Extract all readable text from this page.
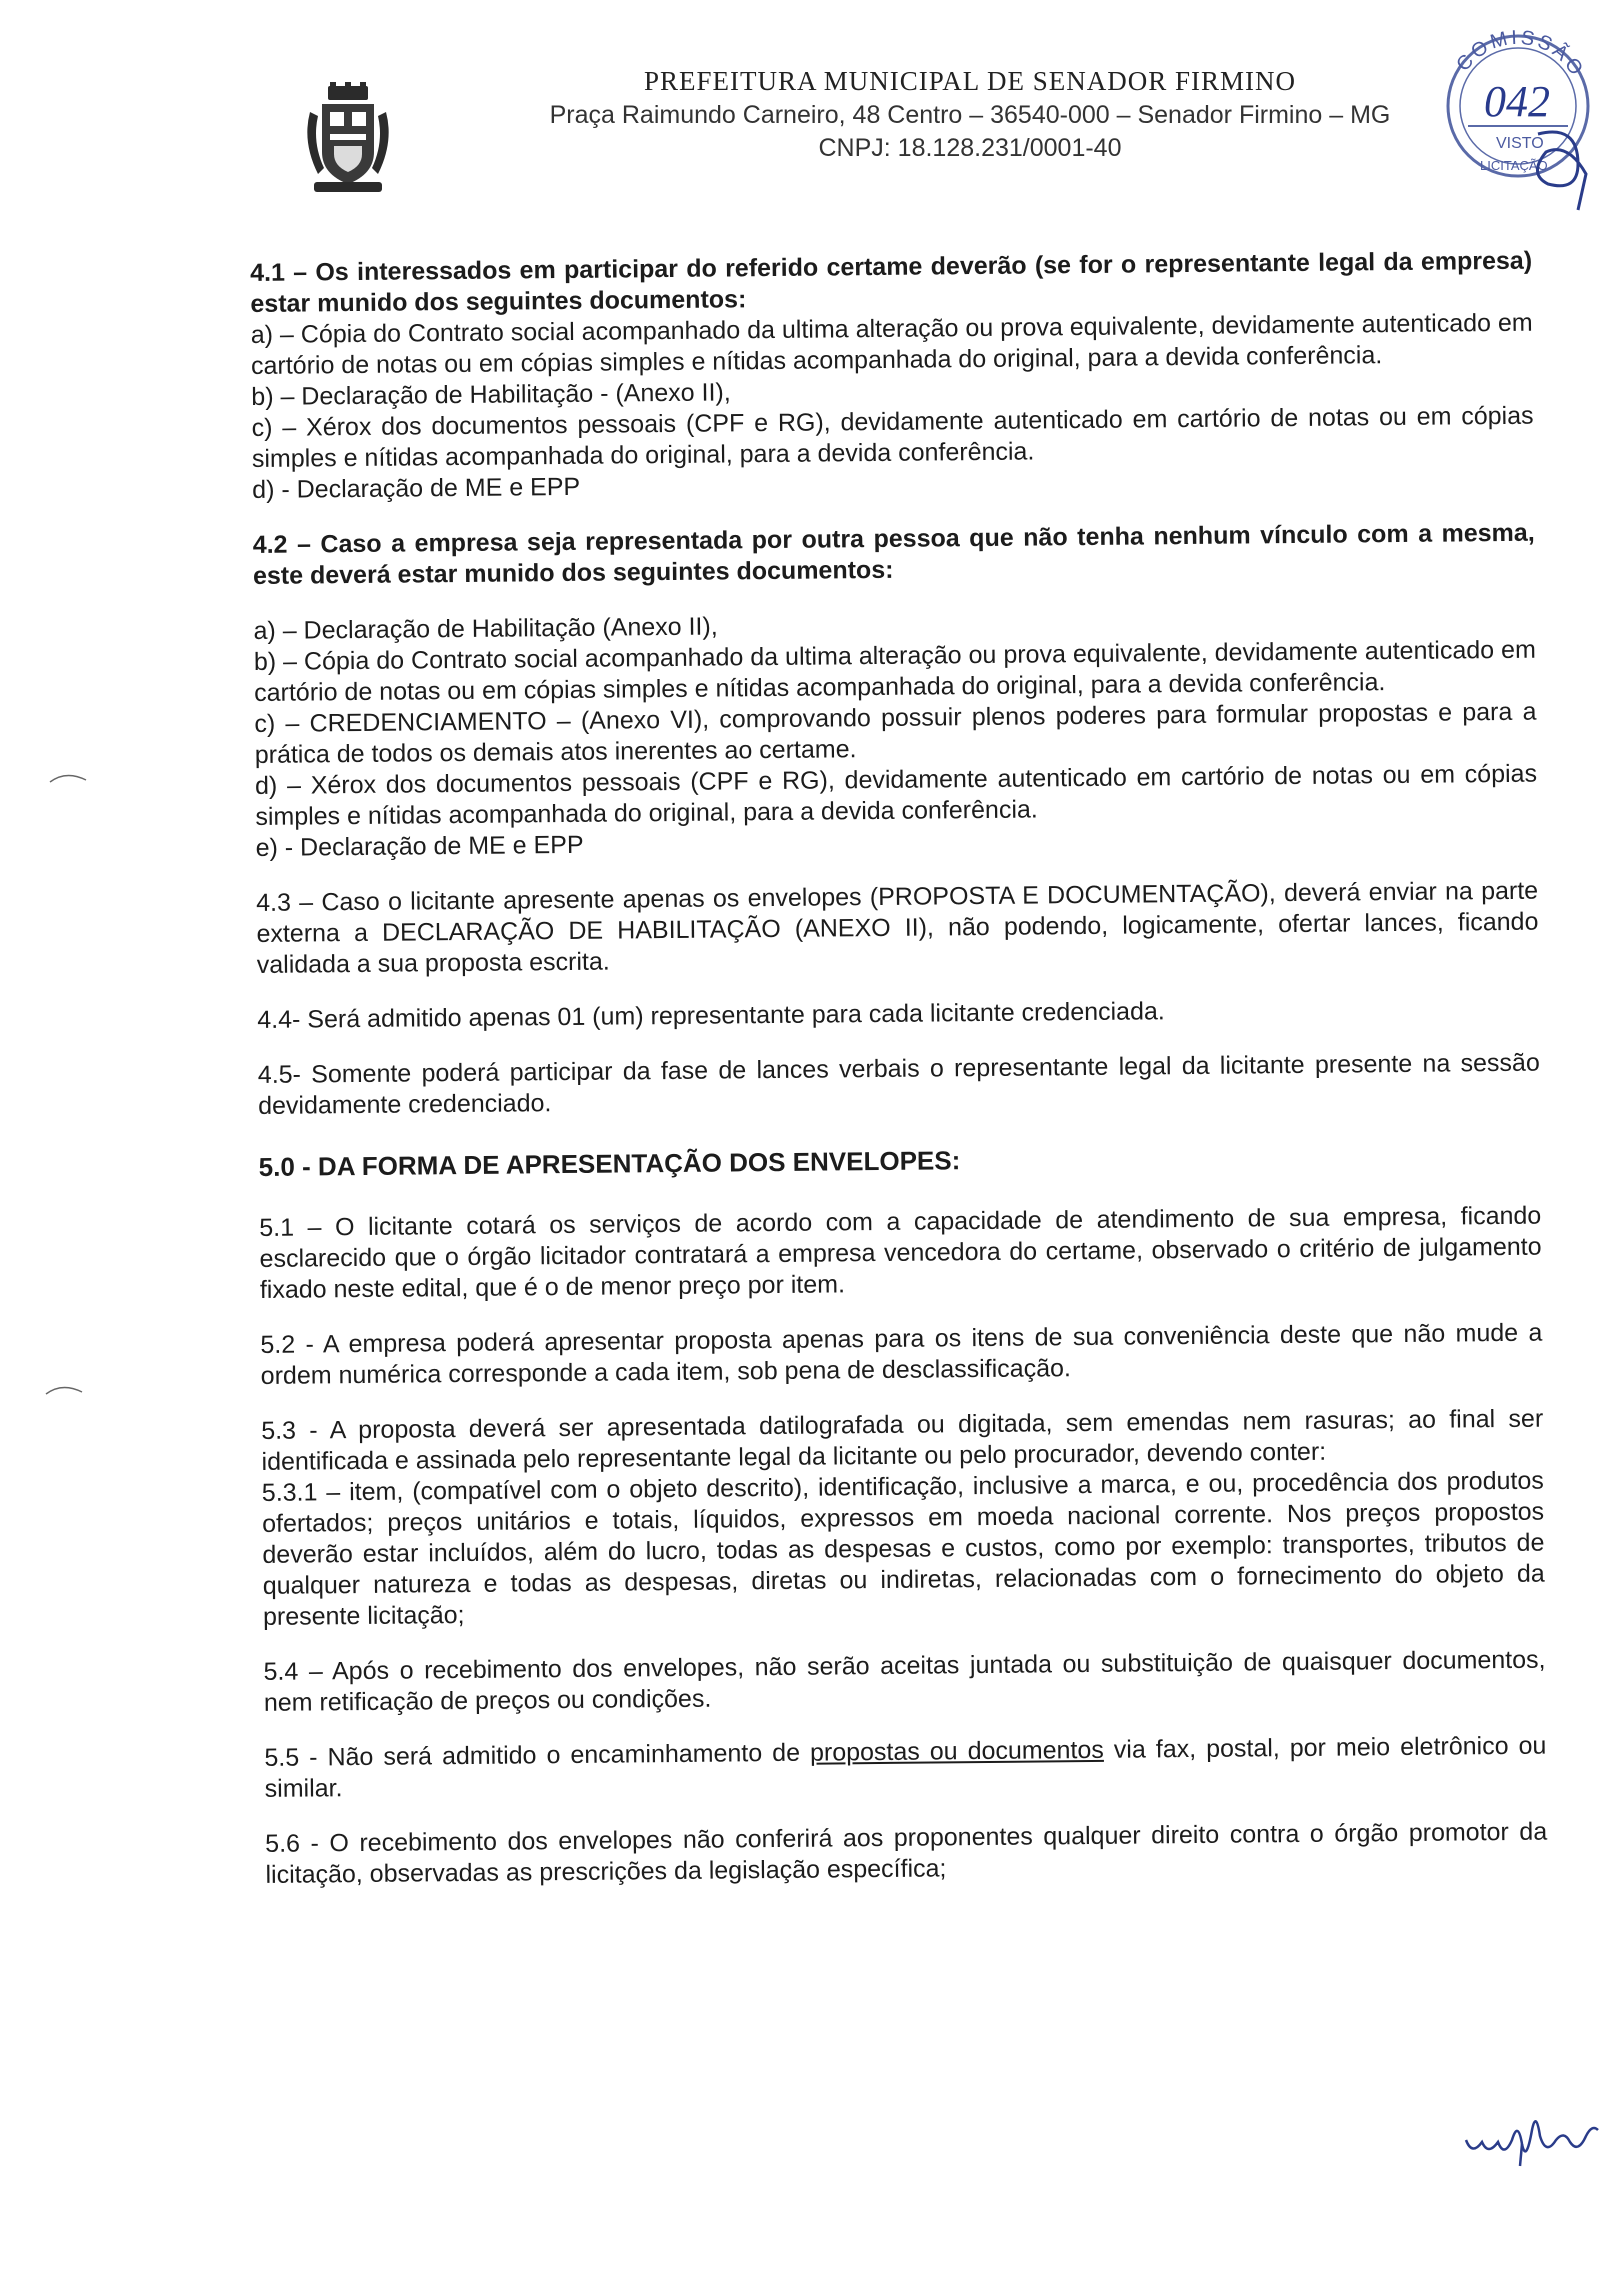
PREFEITURA MUNICIPAL DE SENADOR FIRMINO
Praça Raimundo Carneiro, 48 Centro – 36540-000 – Senador Firmino – MG
CNPJ: 18.128.231/0001-40
COMISSÃO
042
VISTO
LICITAÇÃO

4.1 – Os interessados em participar do referido certame deverão (se for o representante legal da empresa) estar munido dos seguintes documentos:

a) – Cópia do Contrato social acompanhado da ultima alteração ou prova equivalente, devidamente autenticado em cartório de notas ou em cópias simples e nítidas acompanhada do original, para a devida conferência.

b) – Declaração de Habilitação - (Anexo II),

c) – Xérox dos documentos pessoais (CPF e RG), devidamente autenticado em cartório de notas ou em cópias simples e nítidas acompanhada do original, para a devida conferência.

d) - Declaração de ME e EPP

4.2 – Caso a empresa seja representada por outra pessoa que não tenha nenhum vínculo com a mesma, este deverá estar munido dos seguintes documentos:

a) – Declaração de Habilitação (Anexo II),

b) – Cópia do Contrato social acompanhado da ultima alteração ou prova equivalente, devidamente autenticado em cartório de notas ou em cópias simples e nítidas acompanhada do original, para a devida conferência.

c) – CREDENCIAMENTO – (Anexo VI), comprovando possuir plenos poderes para formular propostas e para a prática de todos os demais atos inerentes ao certame.

d) – Xérox dos documentos pessoais (CPF e RG), devidamente autenticado em cartório de notas ou em cópias simples e nítidas acompanhada do original, para a devida conferência.

e) - Declaração de ME e EPP

4.3 – Caso o licitante apresente apenas os envelopes (PROPOSTA E DOCUMENTAÇÃO), deverá enviar na parte externa a DECLARAÇÃO DE HABILITAÇÃO (ANEXO II), não podendo, logicamente, ofertar lances, ficando validada a sua proposta escrita.

4.4- Será admitido apenas 01 (um) representante para cada licitante credenciada.

4.5- Somente poderá participar da fase de lances verbais o representante legal da licitante presente na sessão devidamente credenciado.

5.0 - DA FORMA DE APRESENTAÇÃO DOS ENVELOPES:

5.1 – O licitante cotará os serviços de acordo com a capacidade de atendimento de sua empresa, ficando esclarecido que o órgão licitador contratará a empresa vencedora do certame, observado o critério de julgamento fixado neste edital, que é o de menor preço por item.

5.2 - A empresa poderá apresentar proposta apenas para os itens de sua conveniência deste que não mude a ordem numérica corresponde a cada item, sob pena de desclassificação.

5.3 - A proposta deverá ser apresentada datilografada ou digitada, sem emendas nem rasuras; ao final ser identificada e assinada pelo representante legal da licitante ou pelo procurador, devendo conter:

5.3.1 – item, (compatível com o objeto descrito), identificação, inclusive a marca, e ou, procedência dos produtos ofertados; preços unitários e totais, líquidos, expressos em moeda nacional corrente. Nos preços propostos deverão estar incluídos, além do lucro, todas as despesas e custos, como por exemplo: transportes, tributos de qualquer natureza e todas as despesas, diretas ou indiretas, relacionadas com o fornecimento do objeto da presente licitação;

5.4 – Após o recebimento dos envelopes, não serão aceitas juntada ou substituição de quaisquer documentos, nem retificação de preços ou condições.

5.5 - Não será admitido o encaminhamento de propostas ou documentos via fax, postal, por meio eletrônico ou similar.

5.6 - O recebimento dos envelopes não conferirá aos proponentes qualquer direito contra o órgão promotor da licitação, observadas as prescrições da legislação específica;
